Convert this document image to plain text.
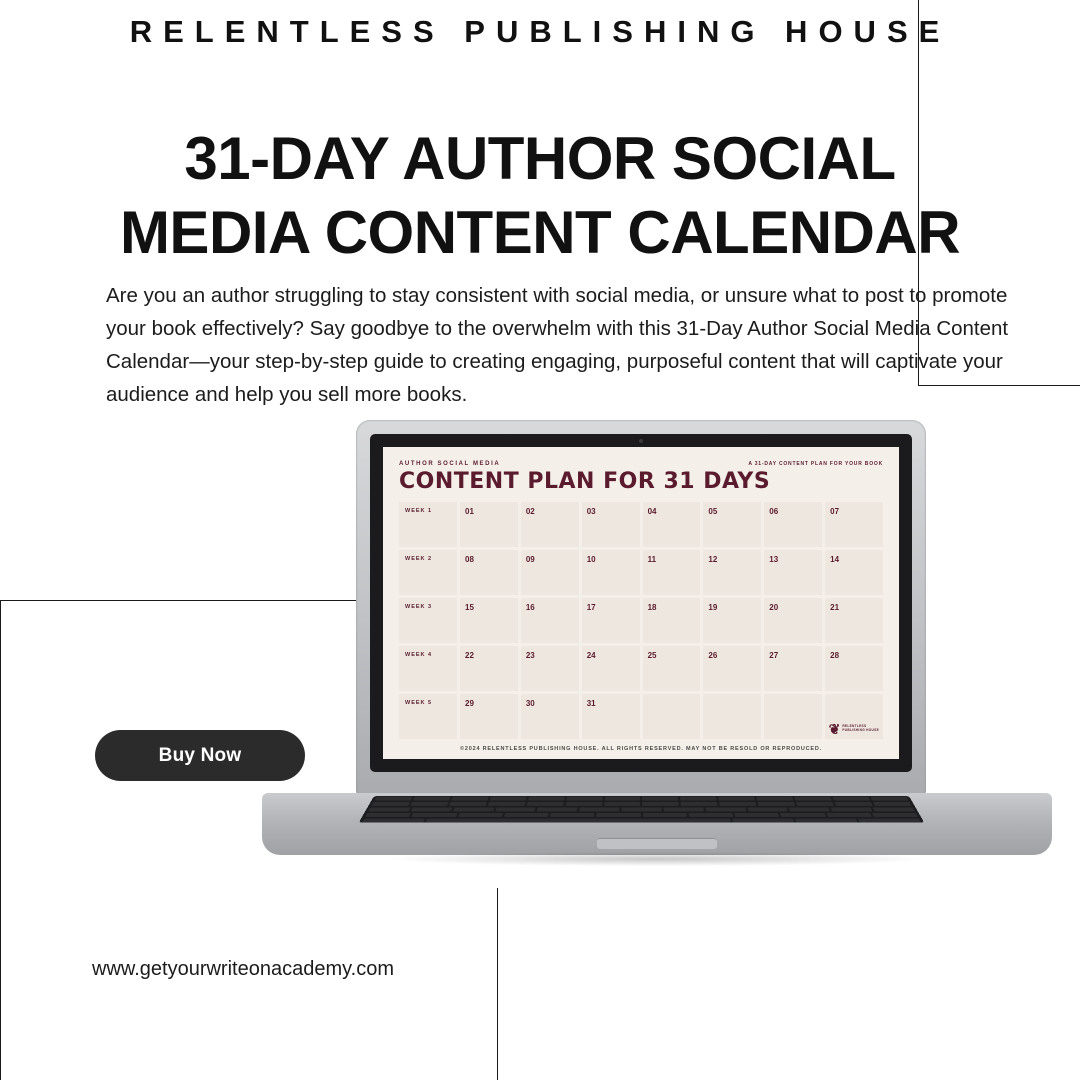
RELENTLESS PUBLISHING HOUSE
31-DAY AUTHOR SOCIAL
MEDIA CONTENT CALENDAR

Are you an author struggling to stay consistent with social media, or unsure what to post to promote your book effectively? Say goodbye to the overwhelm with this 31-Day Author Social Media Content Calendar—your step-by-step guide to creating engaging, purposeful content that will captivate your audience and help you sell more books.

AUTHOR SOCIAL MEDIA	A 31-DAY CONTENT PLAN FOR YOUR BOOK
CONTENT PLAN FOR 31 DAYS
WEEK 1	01	02	03	04	05	06	07
WEEK 2	08	09	10	11	12	13	14
WEEK 3	15	16	17	18	19	20	21
WEEK 4	22	23	24	25	26	27	28
WEEK 5	29	30	31
❦ RELENTLESS
PUBLISHING HOUSE
©2024 RELENTLESS PUBLISHING HOUSE. ALL RIGHTS RESERVED. MAY NOT BE RESOLD OR REPRODUCED.
Buy Now
www.getyourwriteonacademy.com
